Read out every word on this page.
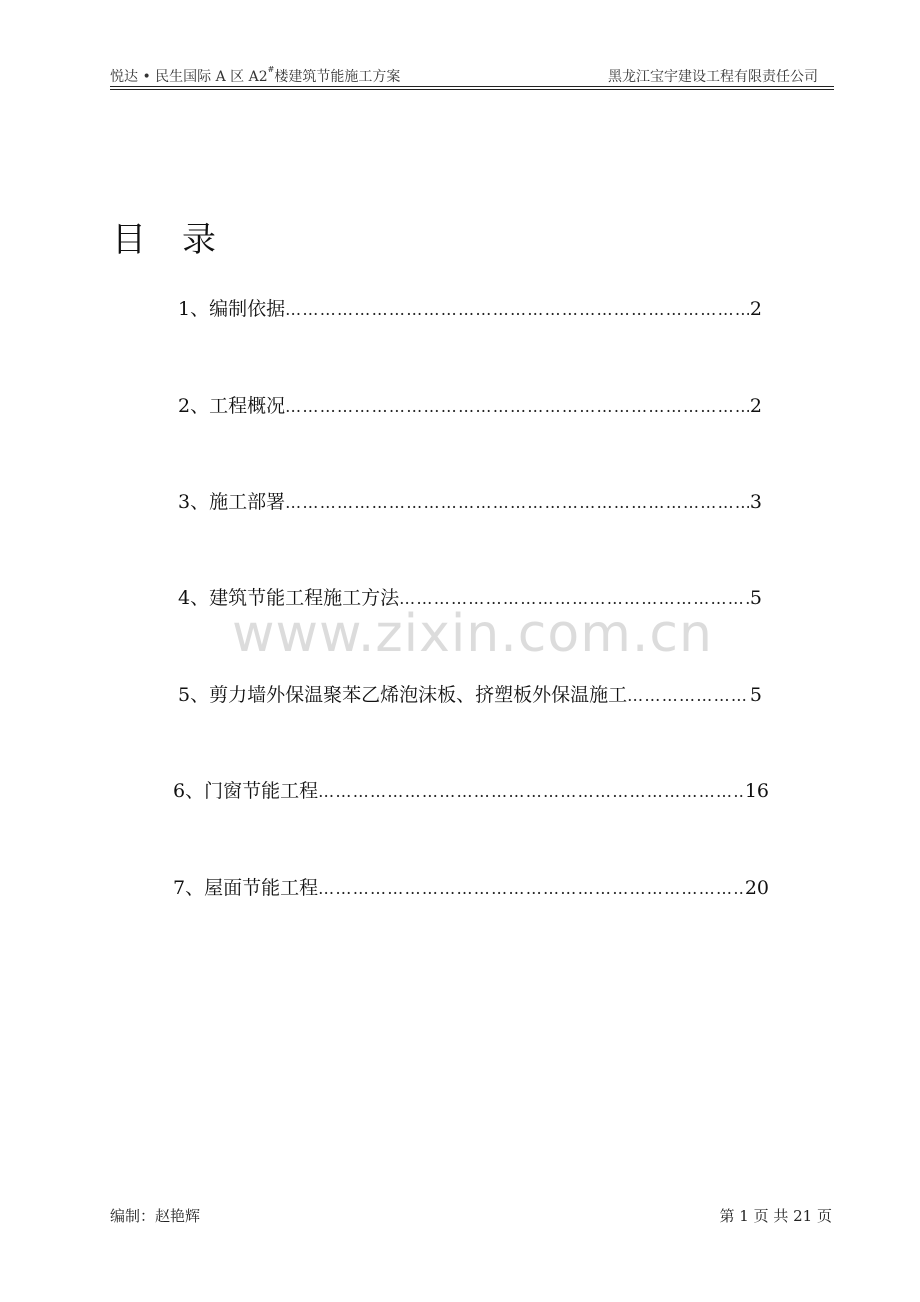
悦达 • 民生国际 A 区 A2#楼建筑节能施工方案	黑龙江宝宇建设工程有限责任公司
目录
1、编制依据 ……………………………………………………………………………………………………………………………………	2
2、工程概况 ……………………………………………………………………………………………………………………………………	2
3、施工部署 ……………………………………………………………………………………………………………………………………	3
4、建筑节能工程施工方法 ……………………………………………………………………………………………………………………………………	5
www.zixin.com.cn
5、剪力墙外保温聚苯乙烯泡沫板、挤塑板外保温施工 ……………………………………………………………………………………………………………………………………	5
6、门窗节能工程 ……………………………………………………………………………………………………………………………………	16
7、屋面节能工程 ……………………………………………………………………………………………………………………………………	20
编制：赵艳辉	第 1 页 共 21 页
